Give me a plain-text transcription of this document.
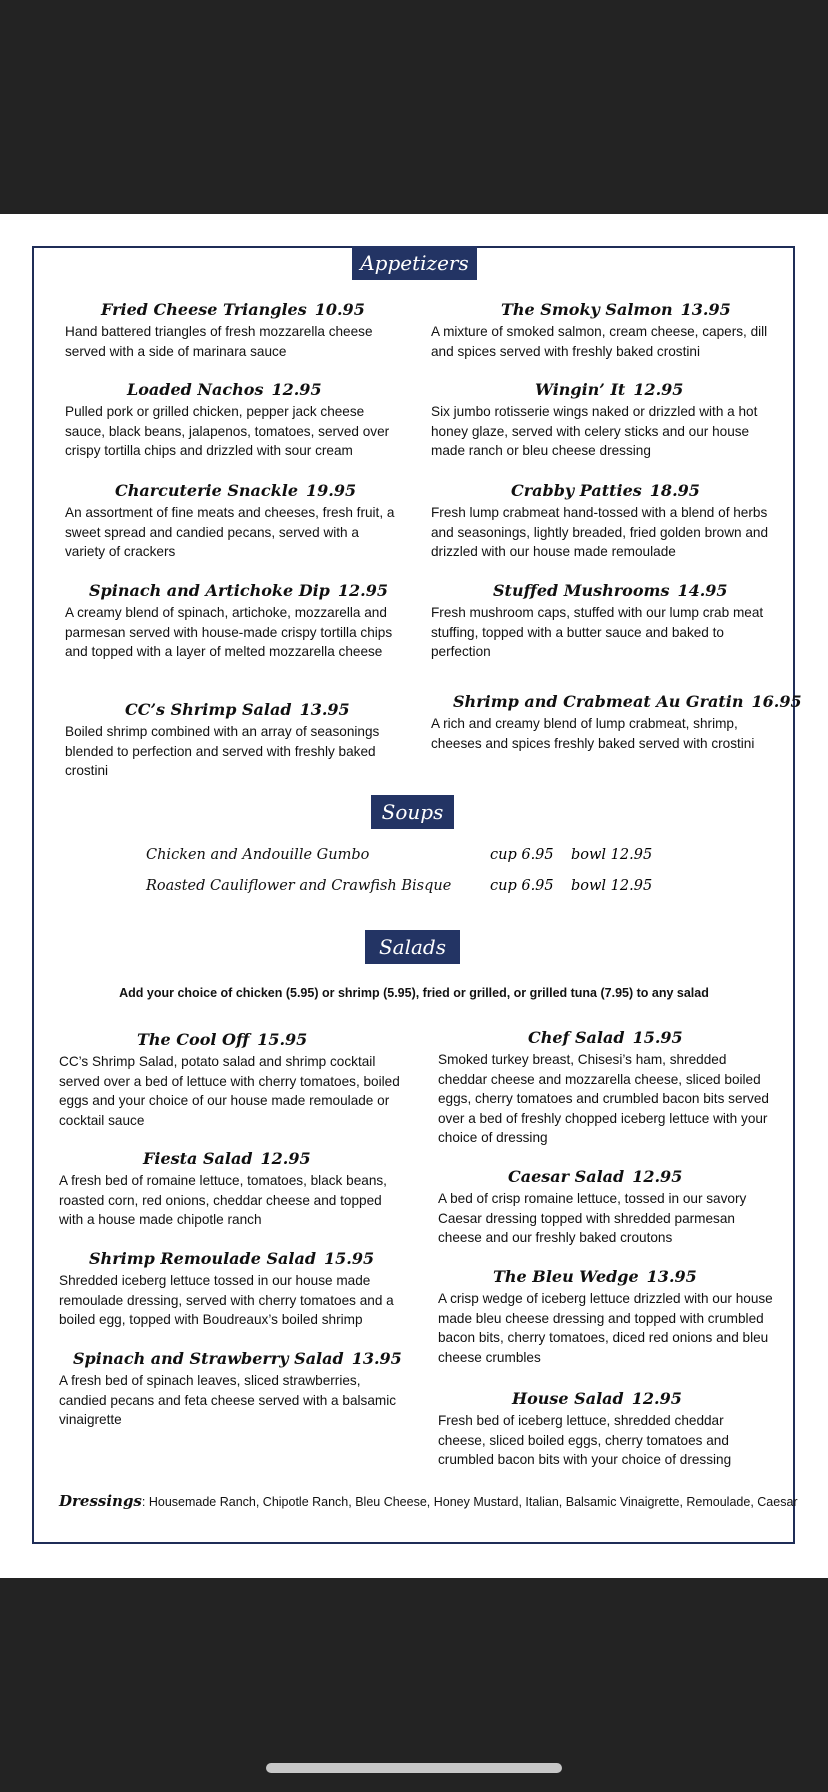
Appetizers
Fried Cheese Triangles 10.95
Hand battered triangles of fresh mozzarella cheese served with a side of marinara sauce
Loaded Nachos 12.95
Pulled pork or grilled chicken, pepper jack cheese sauce, black beans, jalapenos, tomatoes, served over crispy tortilla chips and drizzled with sour cream
Charcuterie Snackle 19.95
An assortment of fine meats and cheeses, fresh fruit, a sweet spread and candied pecans, served with a variety of crackers
Spinach and Artichoke Dip 12.95
A creamy blend of spinach, artichoke, mozzarella and parmesan served with house-made crispy tortilla chips and topped with a layer of melted mozzarella cheese
CC’s Shrimp Salad 13.95
Boiled shrimp combined with an array of seasonings blended to perfection and served with freshly baked crostini
The Smoky Salmon 13.95
A mixture of smoked salmon, cream cheese, capers, dill and spices served with freshly baked crostini
Wingin’ It 12.95
Six jumbo rotisserie wings naked or drizzled with a hot honey glaze, served with celery sticks and our house made ranch or bleu cheese dressing
Crabby Patties 18.95
Fresh lump crabmeat hand-tossed with a blend of herbs and seasonings, lightly breaded, fried golden brown and drizzled with our house made remoulade
Stuffed Mushrooms 14.95
Fresh mushroom caps, stuffed with our lump crab meat stuffing, topped with a butter sauce and baked to perfection
Shrimp and Crabmeat Au Gratin 16.95
A rich and creamy blend of lump crabmeat, shrimp, cheeses and spices freshly baked served with crostini
Soups
Chicken and Andouille Gumbo	cup 6.95 bowl 12.95
Roasted Cauliflower and Crawfish Bisque	cup 6.95 bowl 12.95
Salads
Add your choice of chicken (5.95) or shrimp (5.95), fried or grilled, or grilled tuna (7.95) to any salad
The Cool Off 15.95
CC’s Shrimp Salad, potato salad and shrimp cocktail served over a bed of lettuce with cherry tomatoes, boiled eggs and your choice of our house made remoulade or cocktail sauce
Fiesta Salad 12.95
A fresh bed of romaine lettuce, tomatoes, black beans, roasted corn, red onions, cheddar cheese and topped with a house made chipotle ranch
Shrimp Remoulade Salad 15.95
Shredded iceberg lettuce tossed in our house made remoulade dressing, served with cherry tomatoes and a boiled egg, topped with Boudreaux’s boiled shrimp
Spinach and Strawberry Salad 13.95
A fresh bed of spinach leaves, sliced strawberries, candied pecans and feta cheese served with a balsamic vinaigrette
Chef Salad 15.95
Smoked turkey breast, Chisesi’s ham, shredded cheddar cheese and mozzarella cheese, sliced boiled eggs, cherry tomatoes and crumbled bacon bits served over a bed of freshly chopped iceberg lettuce with your choice of dressing
Caesar Salad 12.95
A bed of crisp romaine lettuce, tossed in our savory Caesar dressing topped with shredded parmesan cheese and our freshly baked croutons
The Bleu Wedge 13.95
A crisp wedge of iceberg lettuce drizzled with our house made bleu cheese dressing and topped with crumbled bacon bits, cherry tomatoes, diced red onions and bleu cheese crumbles
House Salad 12.95
Fresh bed of iceberg lettuce, shredded cheddar cheese, sliced boiled eggs, cherry tomatoes and crumbled bacon bits with your choice of dressing
Dressings: Housemade Ranch, Chipotle Ranch, Bleu Cheese, Honey Mustard, Italian, Balsamic Vinaigrette, Remoulade, Caesar
